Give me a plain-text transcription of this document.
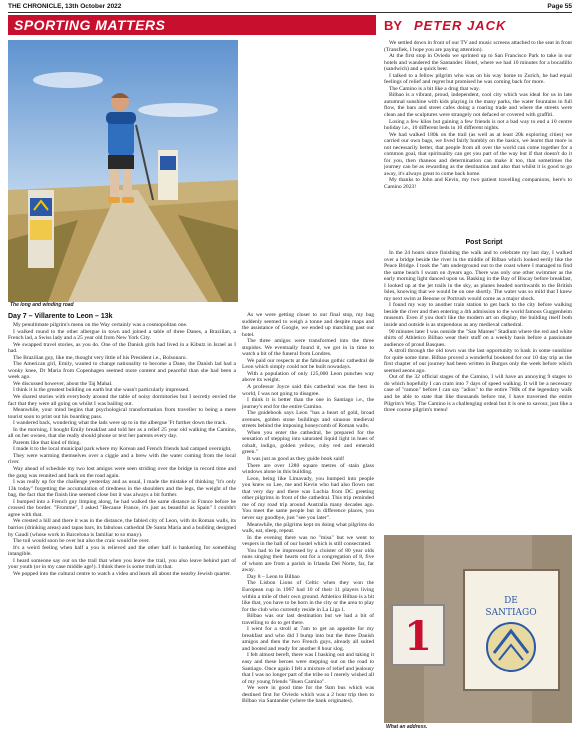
THE CHRONICLE, 13th October 2022	Page 55
SPORTING MATTERS	BY PETER JACK
The long and winding road
Day 7 – Villarente to Leon – 13k

My penultimate pilgrim's menu on the Way certainly was a cosmopolitan one.

I walked round to the other albergue in town and joined a table of three Danes, a Brazilian, a French lad, a Swiss lady and a 25 year old from New York City.

We swapped travel stories, as you do. One of the Danish girls had lived in a Kibutz in Israel as I had.

The Brazilian guy, like me, thought very little of his President i.e., Bolsonaro.

The American girl, Emily, wanted to change nationality to become a Dane, the Danish lad had a wonky knee, Dr Maria from Copenhagen seemed more content and peaceful than she had been a week ago.

We discussed however, about the Taj Mahal.

I think it is the greatest building on earth but she wasn't particularly impressed.

We shared stories with everybody around the table of noisy dormitories but I secretly envied the fact that they were all going on whilst I was bailing out.

Meanwhile, your mind begins that psychological transformation from traveller to being a mere tourist soon to print out his boarding pass.

I wandered back, wondering what the lads were up to in the albergue 'Ft further down the track.

In the morning, I bought Emily breakfast and told her as a relief 25 year old walking the Camino, all on her owneo, that she really should phone or text her parents every day.

Parents like that kind of thing.

I made it to the local municipal park where my Korean and French friends had camped overnight.

They were warming themselves over a ciggie and a brew with the water coming from the local river.

Way ahead of schedule my two lost amigos were seen striding over the bridge in record time and the gang was reunited and back on the road again.

I was really up for the challenge yesterday and as usual, I made the mistake of thinking "it's only 13k today" forgetting the accumulation of tiredness in the shoulders and the legs, the weight of the bag, the fact that the finish line seemed close but it was always a bit further.

I bumped into a French guy limping along, he had walked the same distance in France before he crossed the border. "Fromme", I asked "Because France, it's just as beautiful as Spain" I couldn't agree with that.

We crested a hill and there it was in the distance, the fabled city of Leon, with its Roman walls, its barrios (drinking areas) and tapas bars, its fabulous cathedral De Santa Maria and a building designed by Gaudi (whose work in Barcelona is familiar to so many).

The toil would soon be over but also the craic would be over.

It's a weird feeling when half a you is relieved and the other half is hankering for something intangible.

I heard someone say out on the trail that when you leave the trail, you also leave behind part of your youth (or in my case middle age!). I think there is some truth in that.

We popped into the cultural centre to watch a video and learn all about the nearby Jewish quarter.

As we were getting closer to our final stop, my bag suddenly seemed to weigh a tonne and despite maps and the assistance of Google, we ended up marching past our hotel.

The three amigos were transformed into the three stupidos. We eventually found it, we got in in time to watch a bit of the funeral from Londres.

We paid our respects at the fabulous gothic cathedral de Leon which simply could not be built nowadays.

With a population of only 125,000 Leon punches way above its weight.

A professor Joyce said this cathedral was the best in world, I was not going to disagree.

I think it is better than the one in Santiago i.e., the journey's end for the entire Camino.

The guidebook says Leon "has a heart of gold, broad avenues, golden stone buildings and sinuous medieval streets behind the imposing honeycomb of Roman walls.

When you enter the cathedral, be prepared for the sensation of stepping into saturated liquid light in hues of cobalt, indigo, golden yellow, ruby red and emerald green."

It was just as good as they guide book said!

There are over 1280 square metres of stain glass windows alone in this building.

Leon, being like Limavady, you bumped into people you knew so Lee, me and Kevin who had also flown out that very day and there was Luchia from DC greeting other pilgrims in front of the cathedral. This trip reminded me of my road trip around Australia many decades ago. You meet the same people but in difference places, you never say goodbye, just "see you later".

Meanwhile, the pilgrims kept on doing what pilgrims do walk, eat, sleep, repeat.

In the evening there was no "misa" but we went to vespers in the hall of our hostel which is still consecrated.

You had to be impressed by a cloister of 80 year olds nuns singing their hearts out for a congregation of 8, five of whom are from a parish in Irlanda Del Norte, far, far away.

Day 8 – Leon to Bilbao

The Lisbon Lions of Celtic when they won the European cup in 1967 had 10 of their 11 players living within a mile of their own ground. Athletico Bilbao is a bit like that, you have to be born in the city or the area to play for the club who currently reside in La Liga 1.

Bilbao was our last destination but we had a bit of travelling to do to get there.

I went for a stroll at 7am to get an appetite for my breakfast and who did I bump into but the three Danish amigos and then the two French guys, already all suited and booted and ready for another 8 hour slog.

I felt almost bereft, there was I basking out and taking it easy and these heroes were stepping out on the road to Santiago. Once again I felt a mixture of relief and jealousy that I was no longer part of the tribe so I merely wished all of my young friends "Buen Camino".

We were in good time for the 9am bus which was destined first for Oviedo which was a 2 hour trip then to Bilbao via Santander (where the bank originates).

We settled down in front of our TV and music screens attached to the seat in front (Transfiek, I hope you are paying attention).

At the first stop in Oviedo we sprinted up to San Francisco Park to take in our hotels and wandered the Santander. Hotel, where we had 10 minutes for a bocadillo (sandwich) and a quick beer.

I talked to a fellow pilgrim who was on his way home to Zurich, he had equal feelings of relief and regret but promised he was coming back for more.

The Camino is a bit like a drug that way.

Bilbao is a vibrant, proud, independent, cool city which was ideal for us in late autumnal sunshine with kids playing in the many parks, the water fountains in full flow, the bars and street cafes doing a roaring trade and where the streets were clean and the sculptures were strangely not defaced or covered with graffiti.

Losing a few kilos but gaining a few friends is not a bad way to end a 10 centre holiday i.e., 10 different beds in 10 different nights.

We had walked 180k on the trail (as well as at least 20k exploring cities) we carried our own bags, we lived fairly humbly on the basics, we learnt that more is not necessarily better, that people from all over the world can come together for a common goal, that spirituality can get you part of the way but if that doesn't do it for you, then rhaneos and determination can make it too, that sometimes the journey can be as rewarding as the destination and also that whilst it is good to go away, it's always great to come back home.

My thanks to John and Kevin, my two patient travelling companions, here's to Camino 2023!

Post Script

In the 24 hours since finishing the walk and to celebrate my last day, I walked over a bridge beside the river in the middle of Bilbao which looked eerily like the Peace Bridge. I took the "am underground out to the coast where I managed to find the same beach I swam on 4years ago. There was only one other swimmer as the early morning light danced upon us. Basking in the Bay of Biscay before breakfast, I looked up at the jet trails in the sky, as planes headed northwards to the British Isles, knowing that we would be on one shortly. The water was so mild that I knew my next swim at Benone or Portrush would come as a major shock.

I found my way to another train station to get back to the city before walking beside the river and then entering a 4th admission to the world famous Guggenheim museum. Even if you don't like the modern art on display, the building itself both inside and outside is as stupendous as any medieval cathedral.

90 minutes later I was outside the "San Mames" Stadium where the red and white shirts of Athletico Bilbao wear their stuff on a weekly basis before a passionate audience of proud Basques.

A stroll through the old town was the last opportunity to bask in some sunshine for quite some time. Bilbao proved a wonderful bookend for our 10 day trip as the first chapter of our journey had been written in Burgos only the week before which seemed aeons ago.

Out of the 32 official stages of the Camino, I will have an annoying 9 stages to do which hopefully I can cram into 7 days of speed walking. It will be a necessary case of "ramon" before I can say "adios" to the entire 780k of the legendary walk and be able to state that like thousands before me, I have traversed the entire Pilgrim's Way. The Camino is a challenging ordeal but it is one to savour, just like a three course pilgrim's menu!

1
DE
SANTIAGO
What an address.
